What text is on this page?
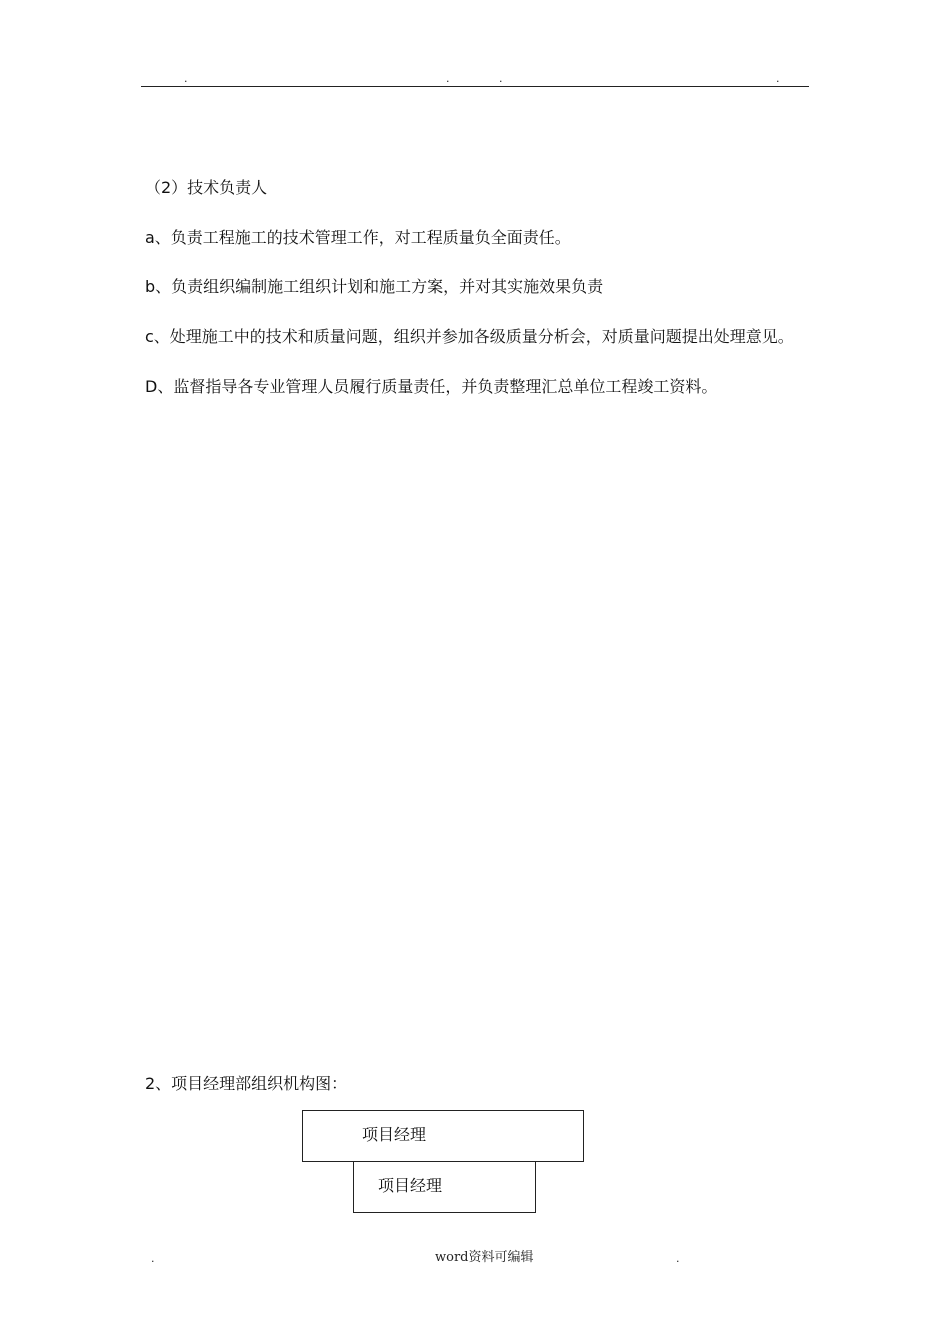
.	.	.	.
（2）技术负责人
a、负责工程施工的技术管理工作，对工程质量负全面责任。
b、负责组织编制施工组织计划和施工方案，并对其实施效果负责
c、处理施工中的技术和质量问题，组织并参加各级质量分析会，对质量问题提出处理意见。
D、监督指导各专业管理人员履行质量责任，并负责整理汇总单位工程竣工资料。
2、项目经理部组织机构图：
项目经理
项目经理
.	word资料可编辑	.
